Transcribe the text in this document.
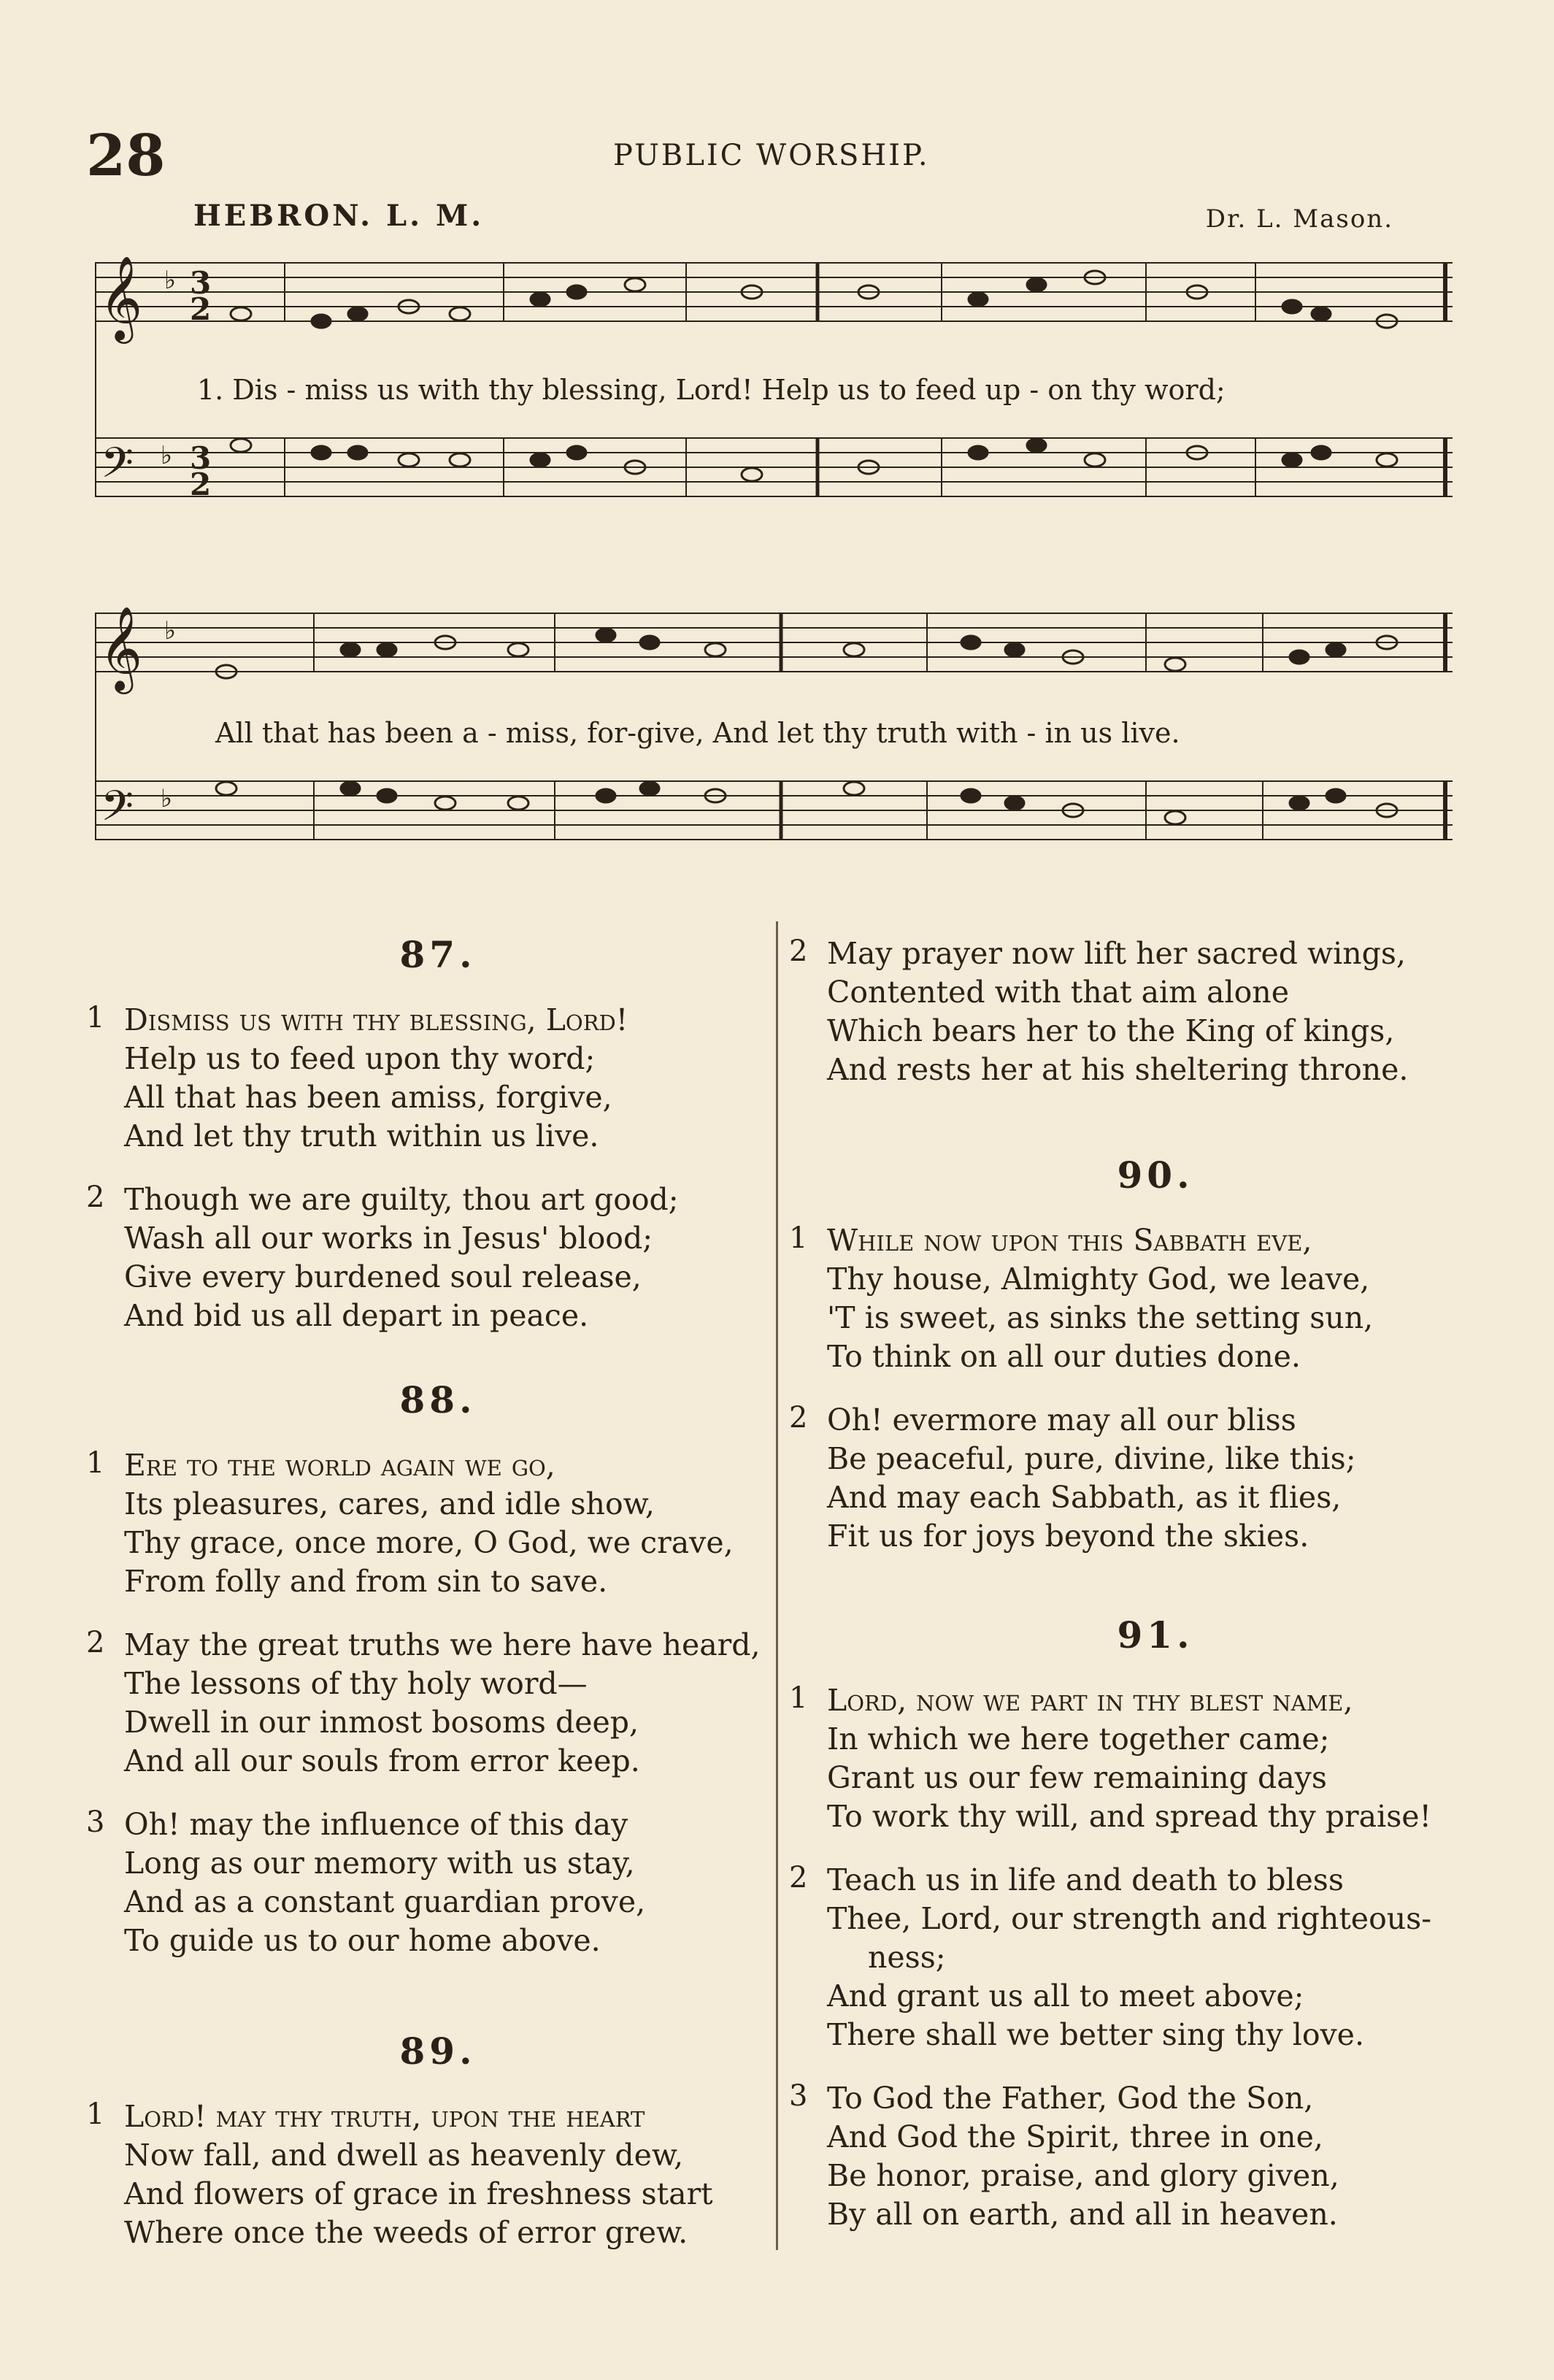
28	PUBLIC WORSHIP.
HEBRON. L. M.	Dr. L. Mason.
𝄞
𝄢
♭
♭
3
2
3
2
1. Dis - miss us with thy blessing, Lord! Help us to feed up - on thy word;
𝄞
𝄢
♭
♭
All that has been a - miss, for-give, And let thy truth with - in us live.
87.
1 Dismiss us with thy blessing, Lord!
Help us to feed upon thy word;
All that has been amiss, forgive,
And let thy truth within us live.
2 Though we are guilty, thou art good;
Wash all our works in Jesus' blood;
Give every burdened soul release,
And bid us all depart in peace.
88.
1 Ere to the world again we go,
Its pleasures, cares, and idle show,
Thy grace, once more, O God, we crave,
From folly and from sin to save.
2 May the great truths we here have heard,
The lessons of thy holy word—
Dwell in our inmost bosoms deep,
And all our souls from error keep.
3 Oh! may the influence of this day
Long as our memory with us stay,
And as a constant guardian prove,
To guide us to our home above.
89.
1 Lord! may thy truth, upon the heart
Now fall, and dwell as heavenly dew,
And flowers of grace in freshness start
Where once the weeds of error grew.
2 May prayer now lift her sacred wings,
Contented with that aim alone
Which bears her to the King of kings,
And rests her at his sheltering throne.
90.
1 While now upon this Sabbath eve,
Thy house, Almighty God, we leave,
'T is sweet, as sinks the setting sun,
To think on all our duties done.
2 Oh! evermore may all our bliss
Be peaceful, pure, divine, like this;
And may each Sabbath, as it flies,
Fit us for joys beyond the skies.
91.
1 Lord, now we part in thy blest name,
In which we here together came;
Grant us our few remaining days
To work thy will, and spread thy praise!
2 Teach us in life and death to bless
Thee, Lord, our strength and righteous-
ness;
And grant us all to meet above;
There shall we better sing thy love.
3 To God the Father, God the Son,
And God the Spirit, three in one,
Be honor, praise, and glory given,
By all on earth, and all in heaven.
